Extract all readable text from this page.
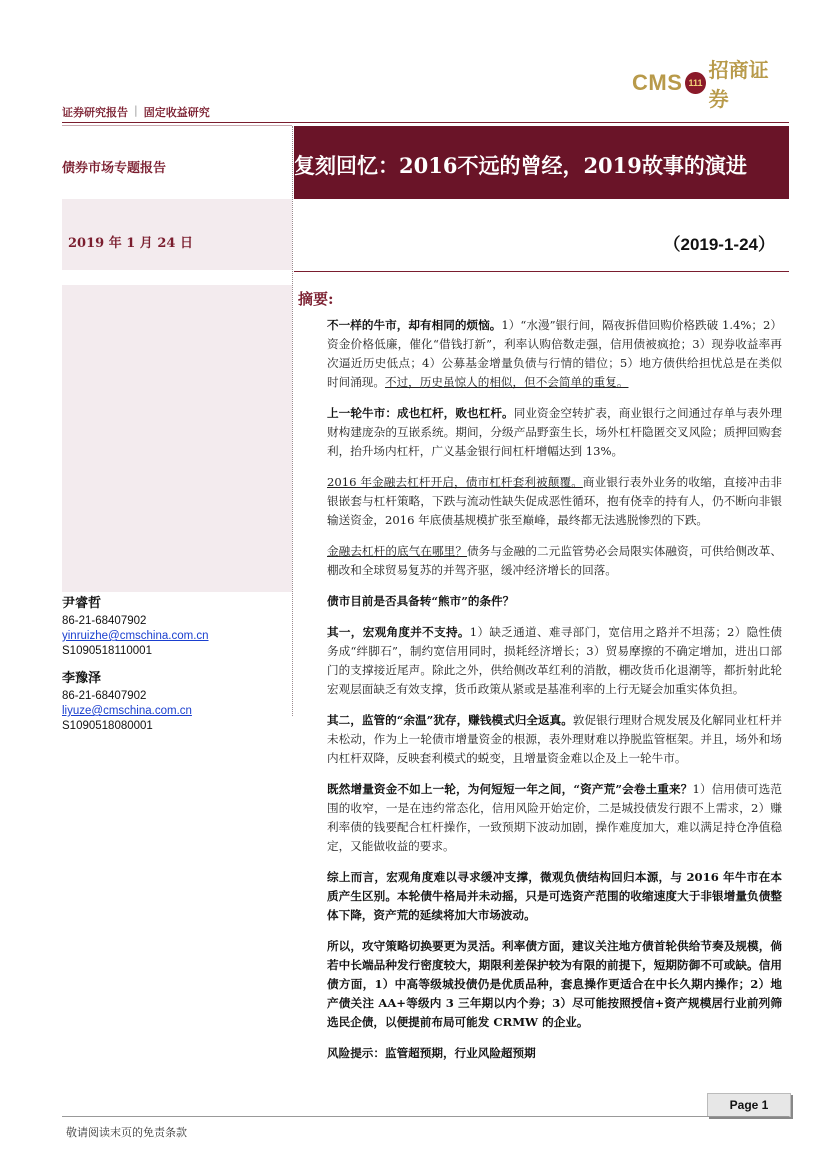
CMS 111
招商证券
证券研究报告 | 固定收益研究
债券市场专题报告	复刻回忆：2016不远的曾经，2019故事的演进
2019 年 1 月 24 日	（2019-1-24）
尹睿哲
86-21-68407902
yinruizhe@cmschina.com.cn
S1090518110001
李豫泽
86-21-68407902
liyuze@cmschina.com.cn
S1090518080001
摘要:

不一样的牛市，却有相同的烦恼。1）“水漫”银行间，隔夜拆借回购价格跌破 1.4%；2）资金价格低廉，催化“借钱打新”，利率认购倍数走强，信用债被疯抢；3）现券收益率再次逼近历史低点；4）公募基金增量负债与行情的错位；5）地方债供给担忧总是在类似时间涌现。不过，历史虽惊人的相似，但不会简单的重复。

上一轮牛市：成也杠杆，败也杠杆。同业资金空转扩表，商业银行之间通过存单与表外理财构建庞杂的互嵌系统。期间，分级产品野蛮生长，场外杠杆隐匿交叉风险；质押回购套利，抬升场内杠杆，广义基金银行间杠杆增幅达到 13%。

2016 年金融去杠杆开启，债市杠杆套利被颠覆。商业银行表外业务的收缩，直接冲击非银嵌套与杠杆策略，下跌与流动性缺失促成恶性循环，抱有侥幸的持有人，仍不断向非银输送资金，2016 年底债基规模扩张至巅峰，最终都无法逃脱惨烈的下跌。

金融去杠杆的底气在哪里？债务与金融的二元监管势必会局限实体融资，可供给侧改革、棚改和全球贸易复苏的并驾齐驱，缓冲经济增长的回落。

债市目前是否具备转“熊市”的条件？

其一，宏观角度并不支持。1）缺乏通道、难寻部门，宽信用之路并不坦荡；2）隐性债务成“绊脚石”，制约宽信用同时，损耗经济增长；3）贸易摩擦的不确定增加，进出口部门的支撑接近尾声。除此之外，供给侧改革红利的消散，棚改货币化退潮等，都折射此轮宏观层面缺乏有效支撑，货币政策从紧或是基准利率的上行无疑会加重实体负担。

其二，监管的“余温”犹存，赚钱模式归全返真。敦促银行理财合规发展及化解同业杠杆并未松动，作为上一轮债市增量资金的根源，表外理财难以挣脱监管框架。并且，场外和场内杠杆双降，反映套利模式的蜕变，且增量资金难以企及上一轮牛市。

既然增量资金不如上一轮，为何短短一年之间，“资产荒”会卷土重来？1）信用债可选范围的收窄，一是在违约常态化，信用风险开始定价，二是城投债发行跟不上需求，2）赚利率债的钱要配合杠杆操作，一致预期下波动加剧，操作难度加大，难以满足持仓净值稳定，又能做收益的要求。

综上而言，宏观角度难以寻求缓冲支撑，微观负债结构回归本源，与 2016 年牛市在本质产生区别。本轮债牛格局并未动摇，只是可选资产范围的收缩速度大于非银增量负债整体下降，资产荒的延续将加大市场波动。

所以，攻守策略切换要更为灵活。利率债方面，建议关注地方债首轮供给节奏及规模，倘若中长端品种发行密度较大，期限利差保护较为有限的前提下，短期防御不可或缺。信用债方面，1）中高等级城投债仍是优质品种，套息操作更适合在中长久期内操作；2）地产债关注 AA+等级内 3 三年期以内个券；3）尽可能按照授信+资产规模居行业前列筛选民企债，以便提前布局可能发 CRMW 的企业。

风险提示：监管超预期，行业风险超预期

Page 1
敬请阅读末页的免责条款
